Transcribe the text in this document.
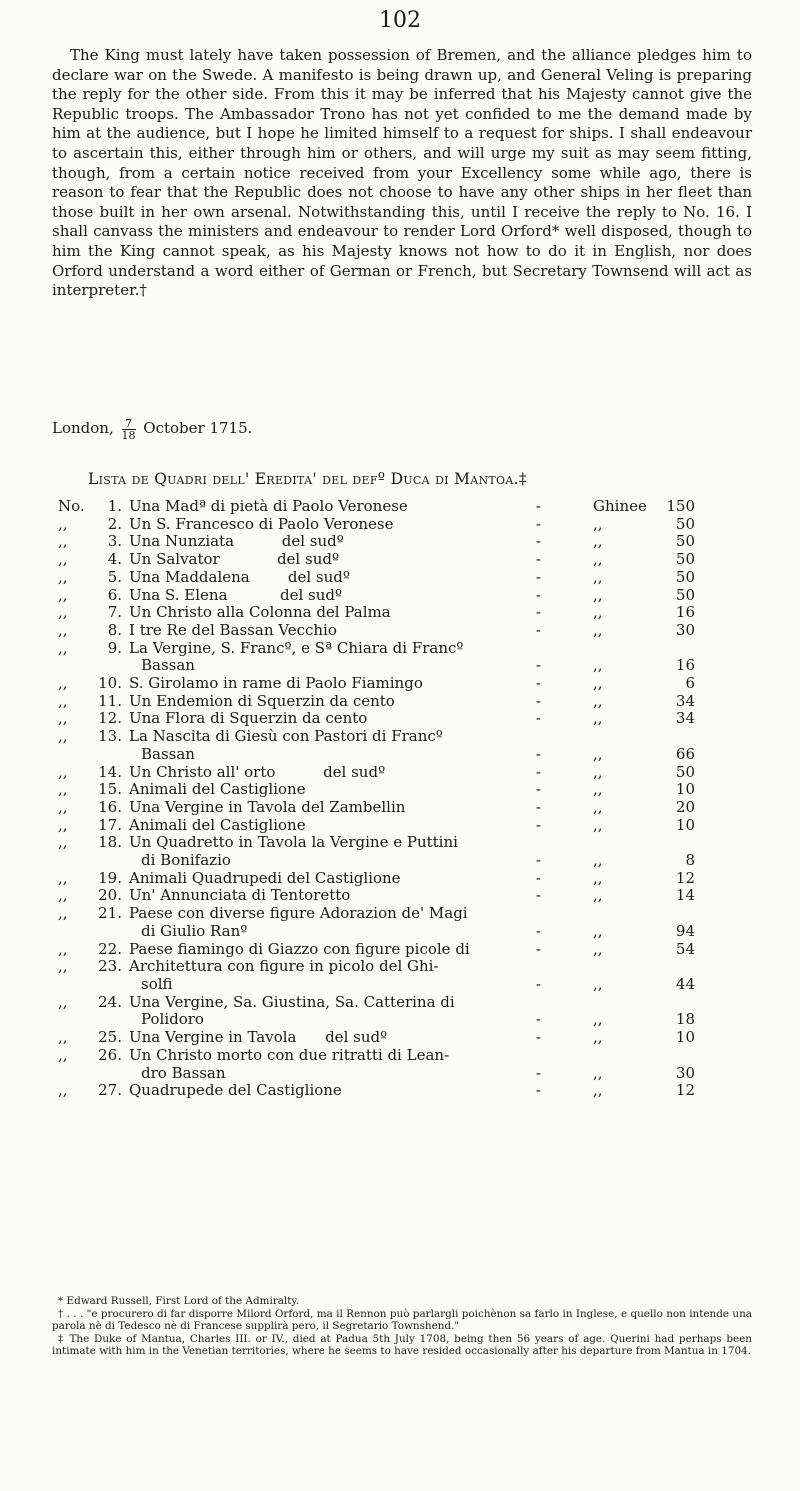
102

The King must lately have taken possession of Bremen, and the alliance pledges him to declare war on the Swede. A manifesto is being drawn up, and General Veling is preparing the reply for the other side. From this it may be inferred that his Majesty cannot give the Republic troops. The Ambassador Trono has not yet confided to me the demand made by him at the audience, but I hope he limited himself to a request for ships. I shall endeavour to ascertain this, either through him or others, and will urge my suit as may seem fitting, though, from a certain notice received from your Excellency some while ago, there is reason to fear that the Republic does not choose to have any other ships in her fleet than those built in her own arsenal. Notwithstanding this, until I receive the reply to No. 16. I shall canvass the ministers and endeavour to render Lord Orford* well disposed, though to him the King cannot speak, as his Majesty knows not how to do it in English, nor does Orford understand a word either of German or French, but Secretary Townsend will act as interpreter.†

London, $\frac{7}{18}$ October 1715.
Lista de Quadri dell' Eredita' del defº Duca di Mantoa.‡
No.	1. Una Madª di pietà di Paolo Veronese	-	Ghinee	150
,,	2. Un S. Francesco di Paolo Veronese	-	,,	50
,,	3. Una Nunziata          del sudº	-	,,	50
,,	4. Un Salvator            del sudº	-	,,	50
,,	5. Una Maddalena        del sudº	-	,,	50
,,	6. Una S. Elena           del sudº	-	,,	50
,,	7. Un Christo alla Colonna del Palma	-	,,	16
,,	8. I tre Re del Bassan Vecchio	-	,,	30
,,	9. La Vergine, S. Francº, e Sª Chiara di Francº
Bassan	-	,,	16
,,	10. S. Girolamo in rame di Paolo Fiamingo	-	,,	6
,,	11. Un Endemion di Squerzin da cento	-	,,	34
,,	12. Una Flora di Squerzin da cento	-	,,	34
,,	13. La Nascita di Giesù con Pastori di Francº
Bassan	-	,,	66
,,	14. Un Christo all' orto          del sudº	-	,,	50
,,	15. Animali del Castiglione	-	,,	10
,,	16. Una Vergine in Tavola del Zambellin	-	,,	20
,,	17. Animali del Castiglione	-	,,	10
,,	18. Un Quadretto in Tavola la Vergine e Puttini
di Bonifazio	-	,,	8
,,	19. Animali Quadrupedi del Castiglione	-	,,	12
,,	20. Un' Annunciata di Tentoretto	-	,,	14
,,	21. Paese con diverse figure Adorazion de' Magi
di Giulio Ranº	-	,,	94
,,	22. Paese fiamingo di Giazzo con figure picole di	-	,,	54
,,	23. Architettura con figure in picolo del Ghi-
solfi	-	,,	44
,,	24. Una Vergine, Sa. Giustina, Sa. Catterina di
Polidoro	-	,,	18
,,	25. Una Vergine in Tavola      del sudº	-	,,	10
,,	26. Un Christo morto con due ritratti di Lean-
dro Bassan	-	,,	30
,,	27. Quadrupede del Castiglione	-	,,	12

* Edward Russell, First Lord of the Admiralty.

† . . . "e procurero di far disporre Milord Orford, ma il Rennon può parlargli poichènon sa farlo in Inglese, e quello non intende una parola nè di Tedesco nè di Francese supplirà pero, il Segretario Townshend."

‡ The Duke of Mantua, Charles III. or IV., died at Padua 5th July 1708, being then 56 years of age. Querini had perhaps been intimate with him in the Venetian territories, where he seems to have resided occasionally after his departure from Mantua in 1704.
